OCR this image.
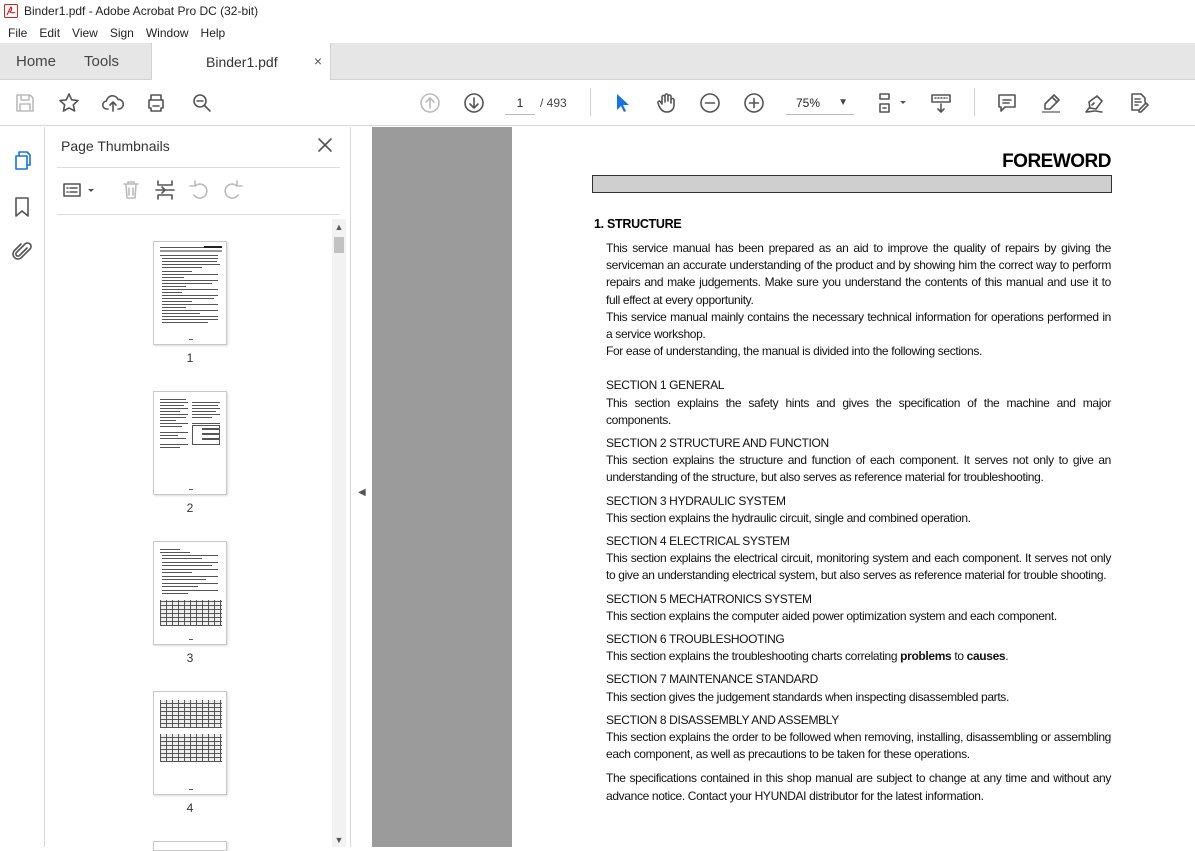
Binder1.pdf - Adobe Acrobat Pro DC (32-bit)
File	Edit	View	Sign	Window	Help
Home	Tools	Binder1.pdf	×
1	/ 493	75% ▼
Page Thumbnails
1
2
3
4
▲
▼
◀
FOREWORD
1. STRUCTURE

This service manual has been prepared as an aid to improve the quality of repairs by giving the serviceman an accurate understanding of the product and by showing him the correct way to perform repairs and make judgements. Make sure you understand the contents of this manual and use it to full effect at every opportunity.

This service manual mainly contains the necessary technical information for operations performed in a service workshop.

For ease of understanding, the manual is divided into the following sections.

SECTION 1 GENERAL

This section explains the safety hints and gives the specification of the machine and major components.

SECTION 2 STRUCTURE AND FUNCTION

This section explains the structure and function of each component. It serves not only to give an understanding of the structure, but also serves as reference material for troubleshooting.

SECTION 3 HYDRAULIC SYSTEM

This section explains the hydraulic circuit, single and combined operation.

SECTION 4 ELECTRICAL SYSTEM

This section explains the electrical circuit, monitoring system and each component. It serves not only to give an understanding electrical system, but also serves as reference material for trouble shooting.

SECTION 5 MECHATRONICS SYSTEM

This section explains the computer aided power optimization system and each component.

SECTION 6 TROUBLESHOOTING

This section explains the troubleshooting charts correlating problems to causes.

SECTION 7 MAINTENANCE STANDARD

This section gives the judgement standards when inspecting disassembled parts.

SECTION 8 DISASSEMBLY AND ASSEMBLY

This section explains the order to be followed when removing, installing, disassembling or assembling each component, as well as precautions to be taken for these operations.

The specifications contained in this shop manual are subject to change at any time and without any advance notice. Contact your HYUNDAI distributor for the latest information.
